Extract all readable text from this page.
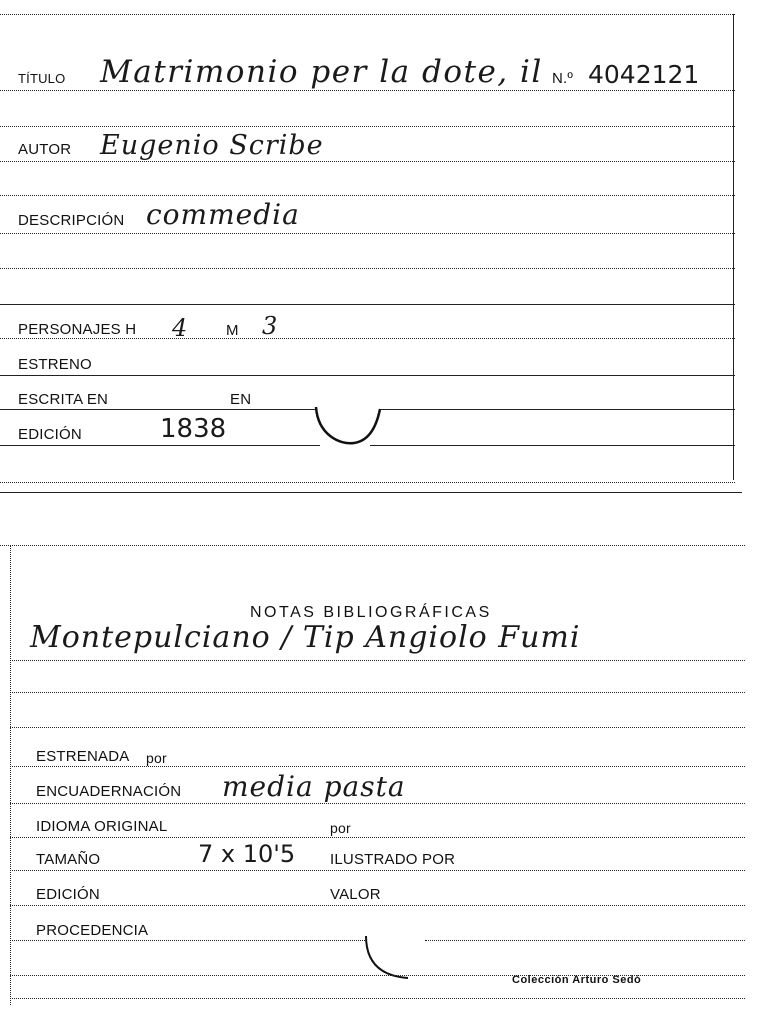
TÍTULO Matrimonio per la dote, il N.º 4042121
AUTOR Eugenio Scribe
DESCRIPCIÓN commedia
PERSONAJES H 4	M 3
ESTRENO
ESCRITA EN	EN
EDICIÓN	1838
NOTAS BIBLIOGRÁFICAS
Montepulciano / Tip Angiolo Fumi
ESTRENADA por
ENCUADERNACIÓN media pasta
IDIOMA ORIGINAL	por
TAMAÑO	7 x 10'5 ILUSTRADO POR
EDICIÓN	VALOR
PROCEDENCIA
Colección Arturo Sedó
